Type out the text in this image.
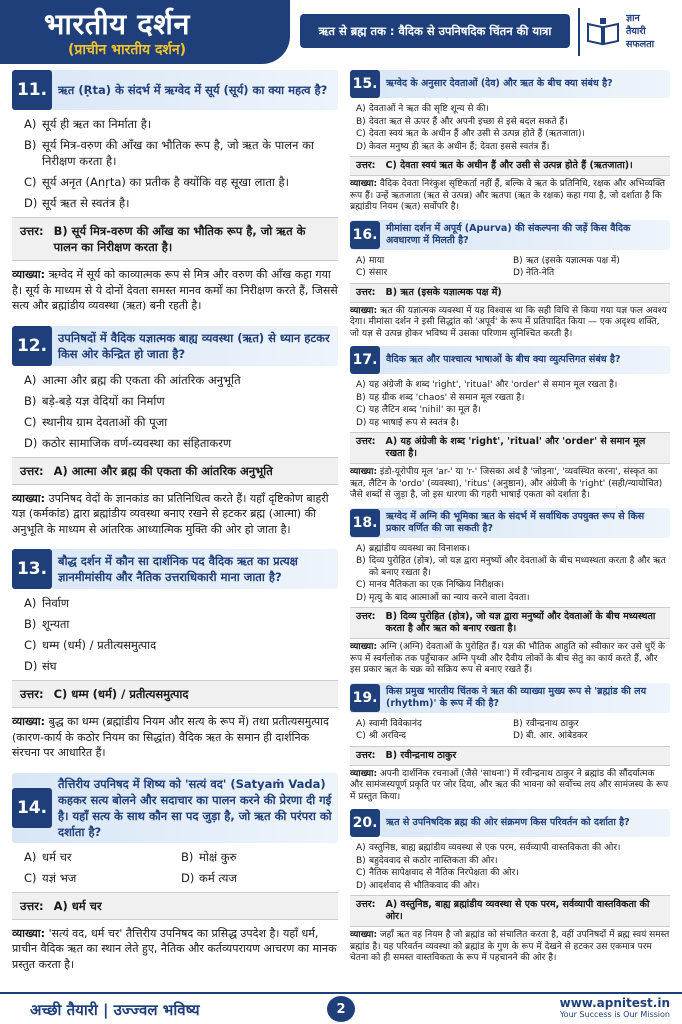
भारतीय दर्शन
(प्राचीन भारतीय दर्शन)
ऋत से ब्रह्म तक : वैदिक से उपनिषदिक चिंतन की यात्रा
ज्ञान
तैयारी
सफलता
11. ऋत (Ṛta) के संदर्भ में ऋग्वेद में सूर्य (सूर्य) का क्या महत्व है?
A) सूर्य ही ऋत का निर्माता है।
B) सूर्य मित्र-वरुण की आँख का भौतिक रूप है, जो ऋत के पालन का निरीक्षण करता है।
C) सूर्य अनृत (Anṛta) का प्रतीक है क्योंकि वह सूखा लाता है।
D) सूर्य ऋत से स्वतंत्र है।
उत्तर: B) सूर्य मित्र-वरुण की आँख का भौतिक रूप है, जो ऋत के पालन का निरीक्षण करता है।
व्याख्या: ऋग्वेद में सूर्य को काव्यात्मक रूप से मित्र और वरुण की आँख कहा गया है। सूर्य के माध्यम से ये दोनों देवता समस्त मानव कर्मों का निरीक्षण करते हैं, जिससे सत्य और ब्रह्मांडीय व्यवस्था (ऋत) बनी रहती है।
12. उपनिषदों में वैदिक यज्ञात्मक बाह्य व्यवस्था (ऋत) से ध्यान हटकर किस ओर केन्द्रित हो जाता है?
A) आत्मा और ब्रह्म की एकता की आंतरिक अनुभूति
B) बड़े-बड़े यज्ञ वेदियों का निर्माण
C) स्थानीय ग्राम देवताओं की पूजा
D) कठोर सामाजिक वर्ण-व्यवस्था का संहिताकरण
उत्तर: A) आत्मा और ब्रह्म की एकता की आंतरिक अनुभूति
व्याख्या: उपनिषद वेदों के ज्ञानकांड का प्रतिनिधित्व करते हैं। यहाँ दृष्टिकोण बाहरी यज्ञ (कर्मकांड) द्वारा ब्रह्मांडीय व्यवस्था बनाए रखने से हटकर ब्रह्म (आत्मा) की अनुभूति के माध्यम से आंतरिक आध्यात्मिक मुक्ति की ओर हो जाता है।
13. बौद्ध दर्शन में कौन सा दार्शनिक पद वैदिक ऋत का प्रत्यक्ष ज्ञानमीमांसीय और नैतिक उत्तराधिकारी माना जाता है?
A) निर्वाण
B) शून्यता
C) धम्म (धर्म) / प्रतीत्यसमुत्पाद
D) संघ
उत्तर: C) धम्म (धर्म) / प्रतीत्यसमुत्पाद
व्याख्या: बुद्ध का धम्म (ब्रह्मांडीय नियम और सत्य के रूप में) तथा प्रतीत्यसमुत्पाद (कारण-कार्य के कठोर नियम का सिद्धांत) वैदिक ऋत के समान ही दार्शनिक संरचना पर आधारित हैं।
14.
तैत्तिरीय उपनिषद में शिष्य को 'सत्यं वद' (Satyaṁ Vada) कहकर सत्य बोलने और सदाचार का पालन करने की प्रेरणा दी गई है। यहाँ सत्य के साथ कौन सा पद जुड़ा है, जो ऋत की परंपरा को दर्शाता है?
A) धर्म चर	B) मोक्षं कुरु
C) यज्ञं भज	D) कर्म त्यज
उत्तर: A) धर्म चर
व्याख्या: 'सत्यं वद, धर्म चर' तैत्तिरीय उपनिषद का प्रसिद्ध उपदेश है। यहाँ धर्म, प्राचीन वैदिक ऋत का स्थान लेते हुए, नैतिक और कर्तव्यपरायण आचरण का मानक प्रस्तुत करता है।
15. ऋग्वेद के अनुसार देवताओं (देव) और ऋत के बीच क्या संबंध है?
A) देवताओं ने ऋत की सृष्टि शून्य से की।
B) देवता ऋत से ऊपर हैं और अपनी इच्छा से इसे बदल सकते हैं।
C) देवता स्वयं ऋत के अधीन हैं और उसी से उत्पन्न होते हैं (ऋतजाता)।
D) केवल मनुष्य ही ऋत के अधीन हैं; देवता इससे स्वतंत्र हैं।
उत्तर: C) देवता स्वयं ऋत के अधीन हैं और उसी से उत्पन्न होते हैं (ऋतजाता)।
व्याख्या: वैदिक देवता निरंकुश सृष्टिकर्ता नहीं हैं, बल्कि वे ऋत के प्रतिनिधि, रक्षक और अभिव्यक्ति रूप हैं। उन्हें ऋतजाता (ऋत से उत्पन्न) और ऋतपा (ऋत के रक्षक) कहा गया है, जो दर्शाता है कि ब्रह्मांडीय नियम (ऋत) सर्वोपरि है।
16. मीमांसा दर्शन में अपूर्व (Apurva) की संकल्पना की जड़ें किस वैदिक अवधारणा में मिलती है?
A) माया	B) ऋत (इसके यज्ञात्मक पक्ष में)
C) संसार	D) नेति-नेति
उत्तर: B) ऋत (इसके यज्ञात्मक पक्ष में)
व्याख्या: ऋत की यज्ञात्मक व्यवस्था में यह विश्वास था कि सही विधि से किया गया यज्ञ फल अवश्य देगा। मीमांसा दर्शन ने इसी सिद्धांत को 'अपूर्व' के रूप में प्रतिपादित किया — एक अदृश्य शक्ति, जो यज्ञ से उत्पन्न होकर भविष्य में उसका परिणाम सुनिश्चित करती है।
17. वैदिक ऋत और पाश्चात्य भाषाओं के बीच क्या व्युत्पत्तिगत संबंध है?
A) यह अंग्रेजी के शब्द 'right', 'ritual' और 'order' से समान मूल रखता है।
B) यह ग्रीक शब्द 'chaos' से समान मूल रखता है।
C) यह लैटिन शब्द 'nihil' का मूल है।
D) यह भाषाई रूप से स्वतंत्र है।
उत्तर: A) यह अंग्रेजी के शब्द 'right', 'ritual' और 'order' से समान मूल रखता है।
व्याख्या: इंडो-यूरोपीय मूल 'ar-' या 'r-' जिसका अर्थ है 'जोड़ना', 'व्यवस्थित करना', संस्कृत का ऋत, लैटिन के 'ordo' (व्यवस्था), 'ritus' (अनुष्ठान), और अंग्रेजी के 'right' (सही/न्यायोचित) जैसे शब्दों से जुड़ा है, जो इस धारणा की गहरी भाषाई एकता को दर्शाता है।
18. ऋग्वेद में अग्नि की भूमिका ऋत के संदर्भ में सर्वाधिक उपयुक्त रूप से किस प्रकार वर्णित की जा सकती है?
A) ब्रह्मांडीय व्यवस्था का विनाशक।
B) दिव्य पुरोहित (होत्र), जो यज्ञ द्वारा मनुष्यों और देवताओं के बीच मध्यस्थता करता है और ऋत को बनाए रखता है।
C) मानव नैतिकता का एक निष्क्रिय निरीक्षक।
D) मृत्यु के बाद आत्माओं का न्याय करने वाला देवता।
उत्तर: B) दिव्य पुरोहित (होत्र), जो यज्ञ द्वारा मनुष्यों और देवताओं के बीच मध्यस्थता करता है और ऋत को बनाए रखता है।
व्याख्या: अग्नि (अग्नि) देवताओं के पुरोहित हैं। यज्ञ की भौतिक आहुति को स्वीकार कर उसे धुएँ के रूप में स्वर्गलोक तक पहुँचाकर अग्नि पृथ्वी और दैवीय लोकों के बीच सेतु का कार्य करते हैं, और इस प्रकार ऋत के चक्र को सक्रिय रूप से बनाए रखते हैं।
19. किस प्रमुख भारतीय चिंतक ने ऋत की व्याख्या मुख्य रूप से 'ब्रह्मांड की लय (rhythm)' के रूप में की है?
A) स्वामी विवेकानंद	B) रवीन्द्रनाथ ठाकुर
C) श्री अरविन्द	D) बी. आर. आंबेडकर
उत्तर: B) रवीन्द्रनाथ ठाकुर
व्याख्या: अपनी दार्शनिक रचनाओं (जैसे 'साधना') में रवीन्द्रनाथ ठाकुर ने ब्रह्मांड की सौंदर्यात्मक और सामंजस्यपूर्ण प्रकृति पर जोर दिया, और ऋत की भावना को सर्वोच्च लय और सामंजस्य के रूप में प्रस्तुत किया।
20. ऋत से उपनिषदिक ब्रह्म की ओर संक्रमण किस परिवर्तन को दर्शाता है?
A) वस्तुनिष्ठ, बाह्य ब्रह्मांडीय व्यवस्था से एक परम, सर्वव्यापी वास्तविकता की ओर।
B) बहुदेववाद से कठोर नास्तिकता की ओर।
C) नैतिक सापेक्षवाद से नैतिक निरपेक्षता की ओर।
D) आदर्शवाद से भौतिकवाद की ओर।
उत्तर: A) वस्तुनिष्ठ, बाह्य ब्रह्मांडीय व्यवस्था से एक परम, सर्वव्यापी वास्तविकता की ओर।
व्याख्या: जहाँ ऋत वह नियम है जो ब्रह्मांड को संचालित करता है, वहीं उपनिषदों में ब्रह्म स्वयं समस्त ब्रह्मांड है। यह परिवर्तन व्यवस्था को ब्रह्मांड के गुण के रूप में देखने से हटकर उस एकमात्र परम चेतना को ही समस्त वास्तविकता के रूप में पहचानने की ओर है।
अच्छी तैयारी | उज्ज्वल भविष्य	2	www.apnitest.in
Your Success is Our Mission
